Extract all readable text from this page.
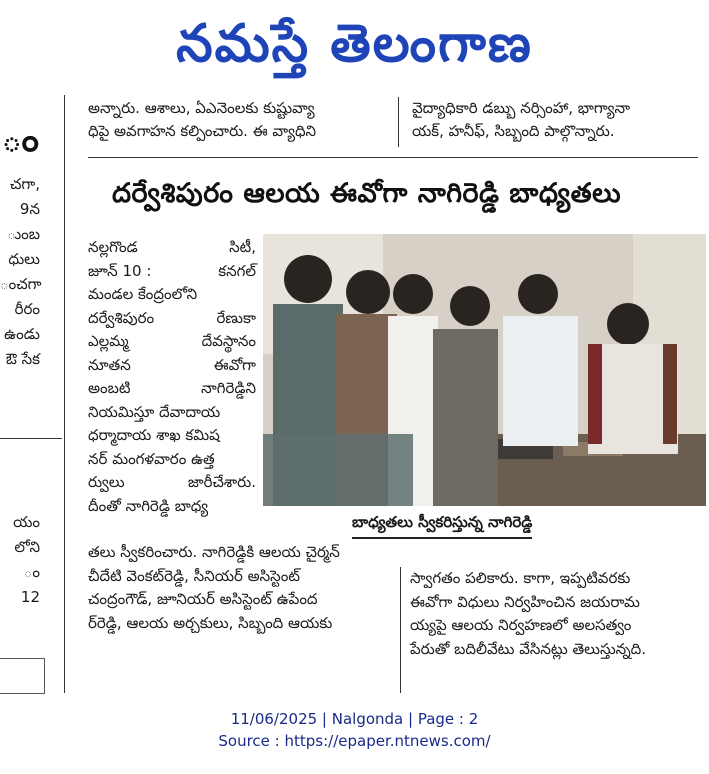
నమస్తే తెలంగాణ
ం

చగా,

9న

ుంబ

ధులు

ంచగా

రీరం

ఉండు

ఔ సేక

యం

లోని

ం 12

అన్నారు. ఆశాలు, ఏఎనెంలకు కుష్టువ్యా

ధిపై అవగాహన కల్పించారు. ఈ వ్యాధిని

వైద్యాధికారి డబ్బు నర్సింహా, భాగ్యానా

యక్, హనీఫ్, సిబ్బంది పాల్గొన్నారు.

దర్వేశిపురం ఆలయ ఈవోగా నాగిరెడ్డి బాధ్యతలు

నల్లగొండ	సిటీ,

జూన్ 10 :	కనగల్

మండల కేంద్రంలోని

దర్వేశిపురం	రేణుకా

ఎల్లమ్మ	దేవస్థానం

నూతన	ఈవోగా

అంబటి	నాగిరెడ్డిని

నియమిస్తూ దేవాదాయ

ధర్మాదాయ శాఖ కమిష

నర్ మంగళవారం ఉత్త

ర్వులు	జారీచేశారు.

దీంతో నాగిరెడ్డి బాధ్య

బాధ్యతలు స్వీకరిస్తున్న నాగిరెడ్డి

తలు స్వీకరించారు. నాగిరెడ్డికి ఆలయ చైర్మన్

చీదేటి వెంకట్‌రెడ్డి, సీనియర్ అసిస్టెంట్

చంద్రంగౌడ్, జూనియర్ అసిస్టెంట్ ఉపేంద

ర్‌రెడ్డి, ఆలయ అర్చకులు, సిబ్బంది ఆయకు

స్వాగతం పలికారు. కాగా, ఇప్పటివరకు

ఈవోగా విధులు నిర్వహించిన జయరామ

య్యపై ఆలయ నిర్వహణలో అలసత్వం

పేరుతో బదిలీవేటు వేసినట్లు తెలుస్తున్నది.

11/06/2025 | Nalgonda | Page : 2
Source : https://epaper.ntnews.com/
